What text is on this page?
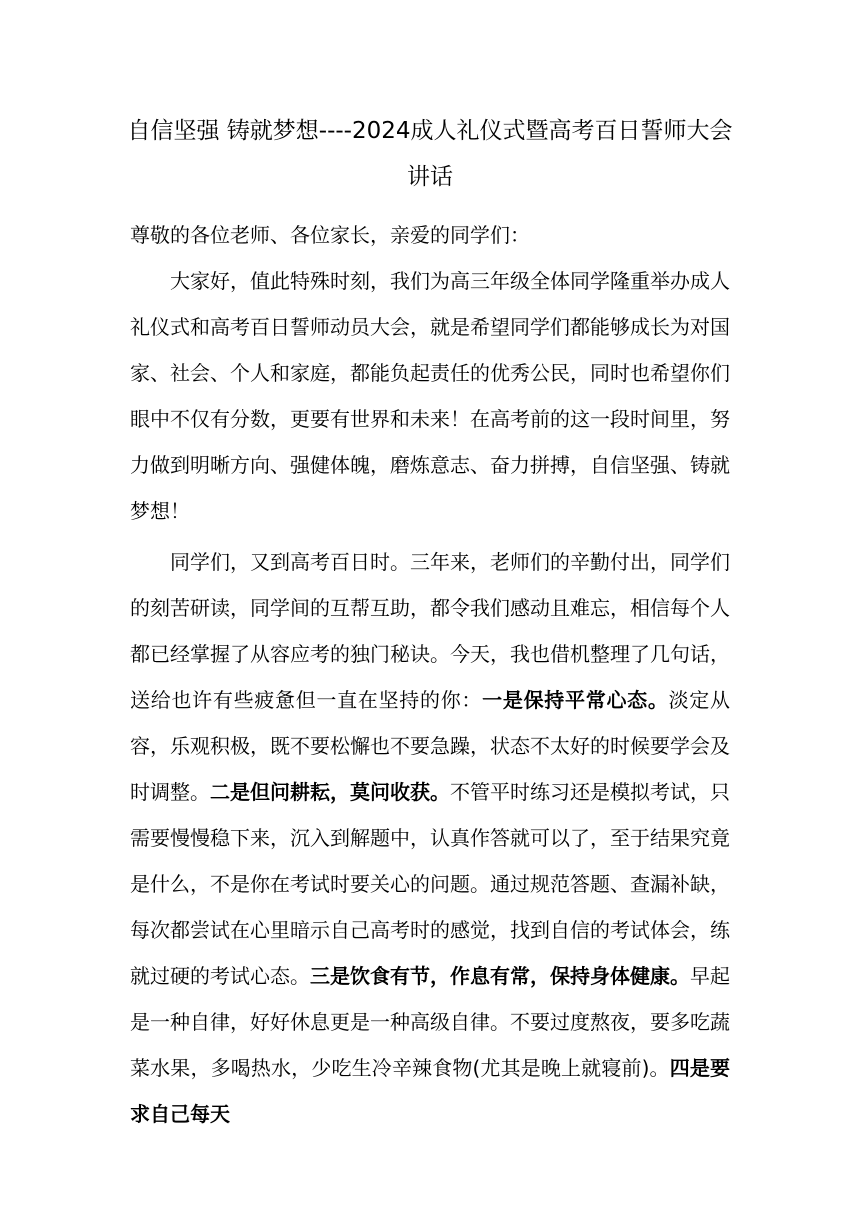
自信坚强 铸就梦想----2024成人礼仪式暨高考百日誓师大会讲话

尊敬的各位老师、各位家长，亲爱的同学们：

大家好，值此特殊时刻，我们为高三年级全体同学隆重举办成人礼仪式和高考百日誓师动员大会，就是希望同学们都能够成长为对国家、社会、个人和家庭，都能负起责任的优秀公民，同时也希望你们眼中不仅有分数，更要有世界和未来！在高考前的这一段时间里，努力做到明晰方向、强健体魄，磨炼意志、奋力拼搏，自信坚强、铸就梦想！

同学们，又到高考百日时。三年来，老师们的辛勤付出，同学们的刻苦研读，同学间的互帮互助，都令我们感动且难忘，相信每个人都已经掌握了从容应考的独门秘诀。今天，我也借机整理了几句话，送给也许有些疲惫但一直在坚持的你：一是保持平常心态。淡定从容，乐观积极，既不要松懈也不要急躁，状态不太好的时候要学会及时调整。二是但问耕耘，莫问收获。不管平时练习还是模拟考试，只需要慢慢稳下来，沉入到解题中，认真作答就可以了，至于结果究竟是什么，不是你在考试时要关心的问题。通过规范答题、查漏补缺，每次都尝试在心里暗示自己高考时的感觉，找到自信的考试体会，练就过硬的考试心态。三是饮食有节，作息有常，保持身体健康。早起是一种自律，好好休息更是一种高级自律。不要过度熬夜，要多吃蔬菜水果，多喝热水，少吃生冷辛辣食物(尤其是晚上就寝前)。四是要求自己每天
